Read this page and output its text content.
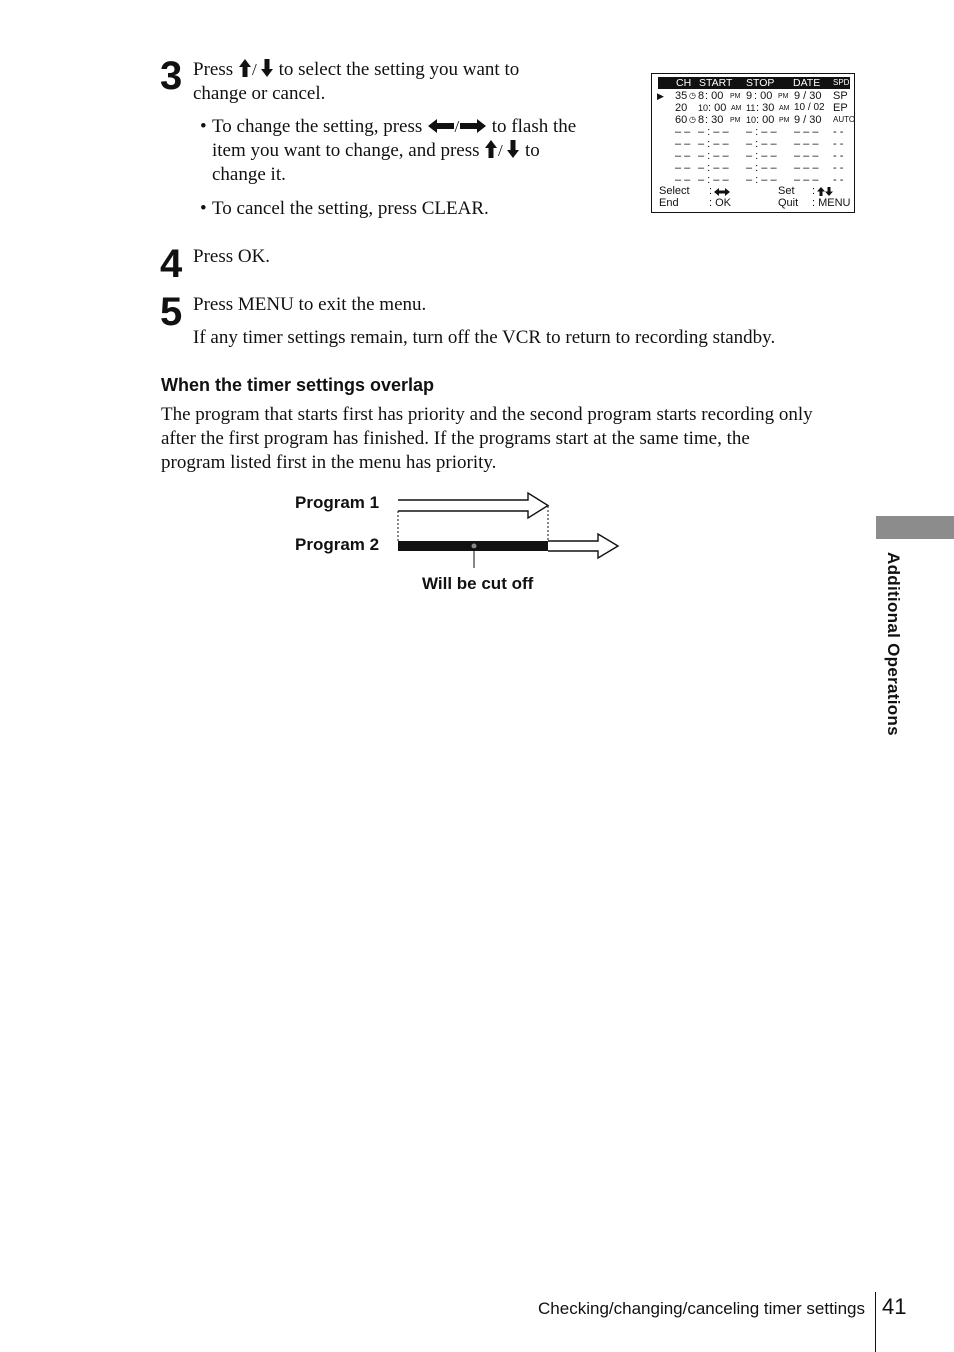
3 Press / to select the setting you want to
change or cancel.
• To change the setting, press / to flash the
item you want to change, and press / to
change it.
• To cancel the setting, press CLEAR.
CH START STOP DATE SPD
▶ 35 ◷ 8 : 00 PM 9 : 00 PM 9 / 30 SP
20 10 : 00 AM 11 : 30 AM 10 / 02 EP
60 ◷ 8 : 30 PM 10 : 00 PM 9 / 30 AUTO
– – – : – – – : – – – – – - -
– – – : – – – : – – – – – - -
– – – : – – – : – – – – – - -
– – – : – – – : – – – – – - -
– – – : – – – : – – – – – - -
Select :	Set :
End	: OK	Quit : MENU
4 Press OK.
5 Press MENU to exit the menu.
If any timer settings remain, turn off the VCR to return to recording standby.
When the timer settings overlap
The program that starts first has priority and the second program starts recording only
after the first program has finished. If the programs start at the same time, the
program listed first in the menu has priority.
Program 1
Program 2
Will be cut off	Additional Operations
Checking/changing/canceling timer settings 41
